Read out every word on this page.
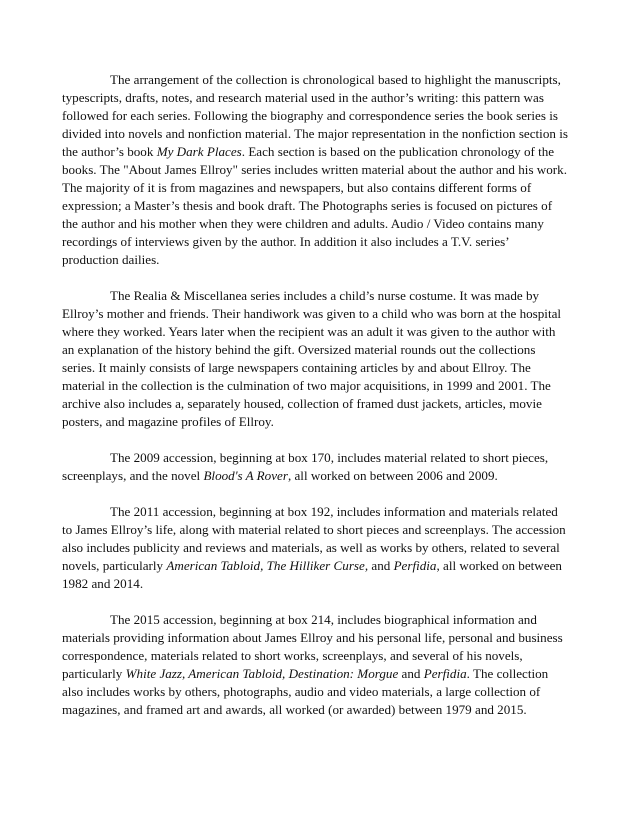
The arrangement of the collection is chronological based to highlight the manuscripts, typescripts, drafts, notes, and research material used in the author’s writing: this pattern was followed for each series. Following the biography and correspondence series the book series is divided into novels and nonfiction material. The major representation in the nonfiction section is the author’s book My Dark Places. Each section is based on the publication chronology of the books. The "About James Ellroy" series includes written material about the author and his work. The majority of it is from magazines and newspapers, but also contains different forms of expression; a Master’s thesis and book draft. The Photographs series is focused on pictures of the author and his mother when they were children and adults. Audio / Video contains many recordings of interviews given by the author. In addition it also includes a T.V. series’ production dailies.

The Realia & Miscellanea series includes a child’s nurse costume. It was made by Ellroy’s mother and friends. Their handiwork was given to a child who was born at the hospital where they worked. Years later when the recipient was an adult it was given to the author with an explanation of the history behind the gift. Oversized material rounds out the collections series. It mainly consists of large newspapers containing articles by and about Ellroy. The material in the collection is the culmination of two major acquisitions, in 1999 and 2001. The archive also includes a, separately housed, collection of framed dust jackets, articles, movie posters, and magazine profiles of Ellroy.

The 2009 accession, beginning at box 170, includes material related to short pieces, screenplays, and the novel Blood's A Rover, all worked on between 2006 and 2009.

The 2011 accession, beginning at box 192, includes information and materials related to James Ellroy’s life, along with material related to short pieces and screenplays. The accession also includes publicity and reviews and materials, as well as works by others, related to several novels, particularly American Tabloid, The Hilliker Curse, and Perfidia, all worked on between 1982 and 2014.

The 2015 accession, beginning at box 214, includes biographical information and materials providing information about James Ellroy and his personal life, personal and business correspondence, materials related to short works, screenplays, and several of his novels, particularly White Jazz, American Tabloid, Destination: Morgue and Perfidia. The collection also includes works by others, photographs, audio and video materials, a large collection of magazines, and framed art and awards, all worked (or awarded) between 1979 and 2015.
